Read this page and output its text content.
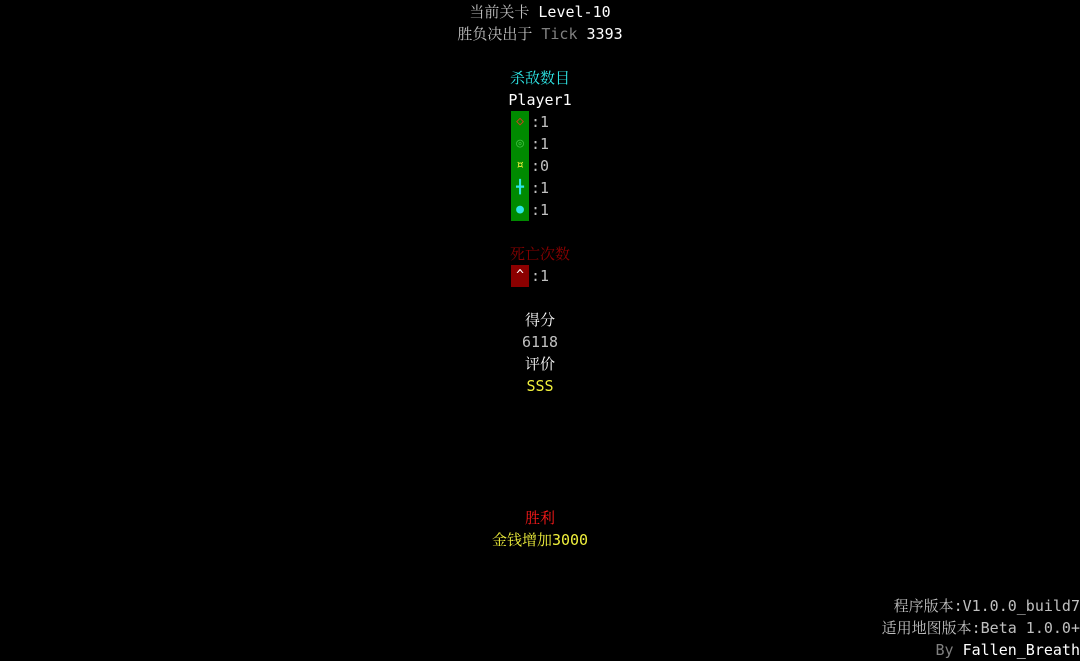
当前关卡 Level-10
胜负决出于 Tick 3393
杀敌数目
Player1
◇ :1
◎ :1
¤ :0
╋ :1
● :1
死亡次数
^ :1
得分
6118
评价
SSS
胜利
金钱增加3000
程序版本:V1.0.0_build7
适用地图版本:Beta 1.0.0+
By Fallen_Breath
